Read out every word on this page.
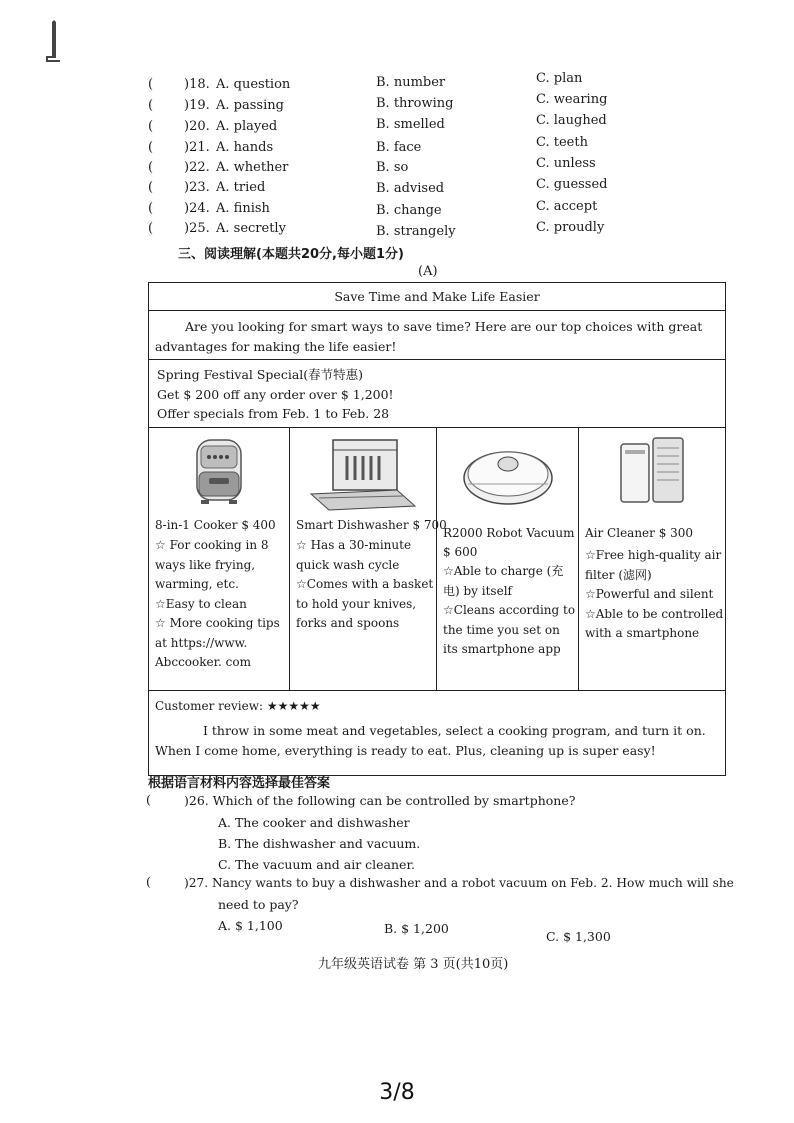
( )18. A. question	B. number	C. plan
( )19. A. passing	B. throwing	C. wearing
( )20. A. played	B. smelled	C. laughed
( )21. A. hands	B. face	C. teeth
( )22. A. whether	B. so	C. unless
( )23. A. tried	B. advised	C. guessed
( )24. A. finish	B. change	C. accept
( )25. A. secretly	B. strangely	C. proudly
三、阅读理解(本题共20分,每小题1分)
(A)
Save Time and Make Life Easier
Are you looking for smart ways to save time? Here are our top choices with great advantages for making the life easier!
Spring Festival Special(春节特惠)
Get $ 200 off any order over $ 1,200!
Offer specials from Feb. 1 to Feb. 28
8-in-1 Cooker $ 400
☆ For cooking in 8
ways like frying,
warming, etc.
☆Easy to clean
☆ More cooking tips
at https://www.
Abccooker. com
Smart Dishwasher $ 700
☆ Has a 30-minute
quick wash cycle
☆Comes with a basket
to hold your knives,
forks and spoons
R2000 Robot Vacuum
$ 600
☆Able to charge (充
电) by itself
☆Cleans according to
the time you set on
its smartphone app
Air Cleaner $ 300
☆Free high-quality air
filter (滤网)
☆Powerful and silent
☆Able to be controlled
with a smartphone
Customer review: ★★★★★
I throw in some meat and vegetables, select a cooking program, and turn it on. When I come home, everything is ready to eat. Plus, cleaning up is super easy!
根据语言材料内容选择最佳答案
(	)26. Which of the following can be controlled by smartphone?
A. The cooker and dishwasher
B. The dishwasher and vacuum.
C. The vacuum and air cleaner.
(	)27. Nancy wants to buy a dishwasher and a robot vacuum on Feb. 2. How much will she
need to pay?
A. $ 1,100	B. $ 1,200
C. $ 1,300
九年级英语试卷 第 3 页(共10页)
3/8
